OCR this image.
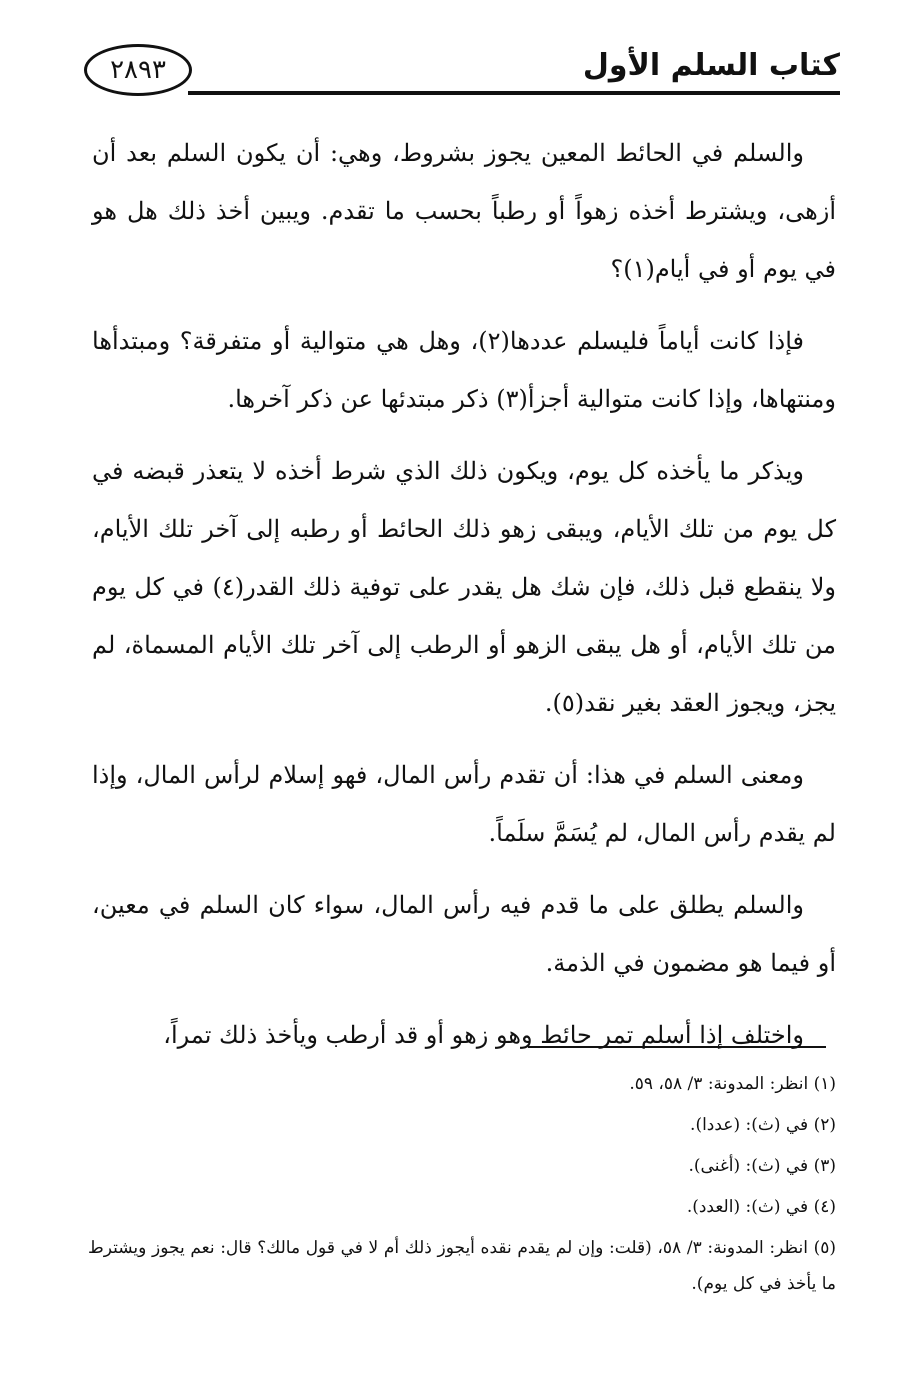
كتاب السلم الأول
٢٨٩٣

والسلم في الحائط المعين يجوز بشروط، وهي: أن يكون السلم بعد أن أزهى، ويشترط أخذه زهواً أو رطباً بحسب ما تقدم. ويبين أخذ ذلك هل هو في يوم أو في أيام(١)؟

فإذا كانت أياماً فليسلم عددها(٢)، وهل هي متوالية أو متفرقة؟ ومبتدأها ومنتهاها، وإذا كانت متوالية أجزأ(٣) ذكر مبتدئها عن ذكر آخرها.

ويذكر ما يأخذه كل يوم، ويكون ذلك الذي شرط أخذه لا يتعذر قبضه في كل يوم من تلك الأيام، ويبقى زهو ذلك الحائط أو رطبه إلى آخر تلك الأيام، ولا ينقطع قبل ذلك، فإن شك هل يقدر على توفية ذلك القدر(٤) في كل يوم من تلك الأيام، أو هل يبقى الزهو أو الرطب إلى آخر تلك الأيام المسماة، لم يجز، ويجوز العقد بغير نقد(٥).

ومعنى السلم في هذا: أن تقدم رأس المال، فهو إسلام لرأس المال، وإذا لم يقدم رأس المال، لم يُسَمَّ سلَماً.

والسلم يطلق على ما قدم فيه رأس المال، سواء كان السلم في معين، أو فيما هو مضمون في الذمة.

واختلف إذا أسلم تمر حائط وهو زهو أو قد أرطب ويأخذ ذلك تمراً،

(١) انظر: المدونة: ٣/ ٥٨، ٥٩.

(٢) في (ث): (عددا).

(٣) في (ث): (أغنى).

(٤) في (ث): (العدد).

(٥) انظر: المدونة: ٣/ ٥٨، (قلت: وإن لم يقدم نقده أيجوز ذلك أم لا في قول مالك؟ قال: نعم يجوز ويشترط ما يأخذ في كل يوم).
